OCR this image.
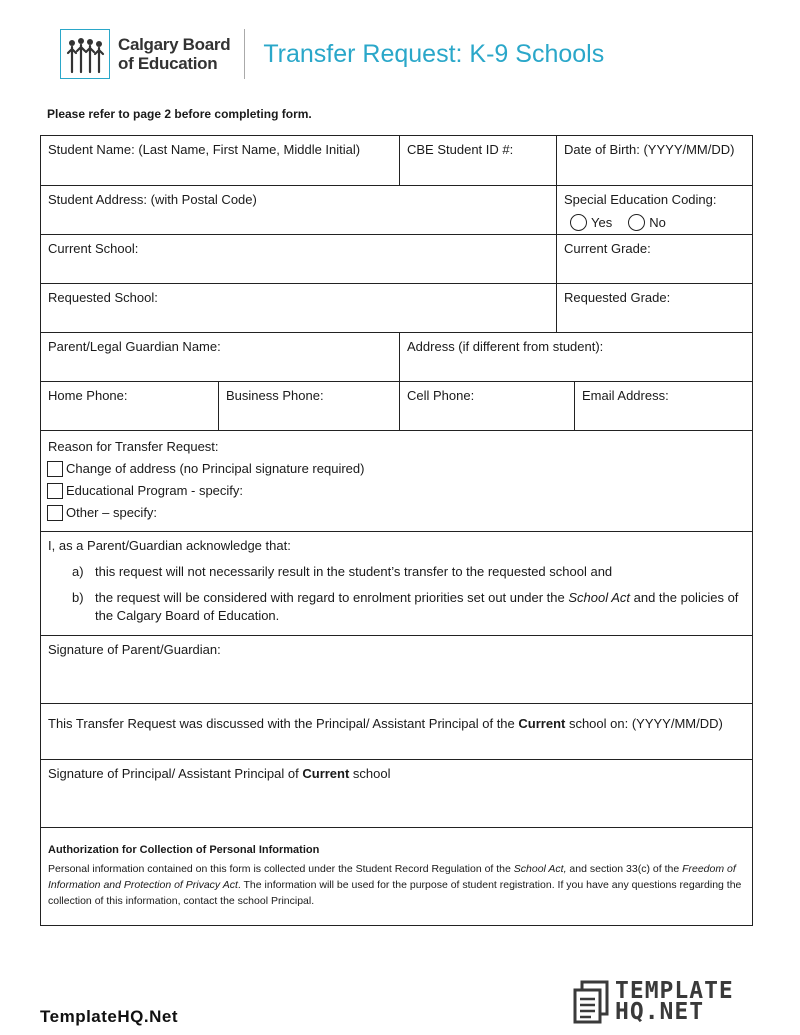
Calgary Board
of Education	Transfer Request: K-9 Schools
Please refer to page 2 before completing form.
Student Name: (Last Name, First Name, Middle Initial)	CBE Student ID #:	Date of Birth: (YYYY/MM/DD)
Student Address: (with Postal Code)	Special Education Coding:
Yes	No
Current School:	Current Grade:
Requested School:	Requested Grade:
Parent/Legal Guardian Name:	Address (if different from student):
Home Phone:	Business Phone:	Cell Phone:	Email Address:
Reason for Transfer Request:
Change of address (no Principal signature required)
Educational Program - specify:
Other – specify:
I, as a Parent/Guardian acknowledge that:
a) this request will not necessarily result in the student’s transfer to the requested school and
b) the request will be considered with regard to enrolment priorities set out under the School Act and the policies of the Calgary Board of Education.
Signature of Parent/Guardian:
This Transfer Request was discussed with the Principal/ Assistant Principal of the Current school on: (YYYY/MM/DD)
Signature of Principal/ Assistant Principal of Current school
Authorization for Collection of Personal Information
Personal information contained on this form is collected under the Student Record Regulation of the School Act, and section 33(c) of the Freedom of Information and Protection of Privacy Act. The information will be used for the purpose of student registration. If you have any questions regarding the collection of this information, contact the school Principal.
TemplateHQ.Net
TEMPLATE
HQ.NET
